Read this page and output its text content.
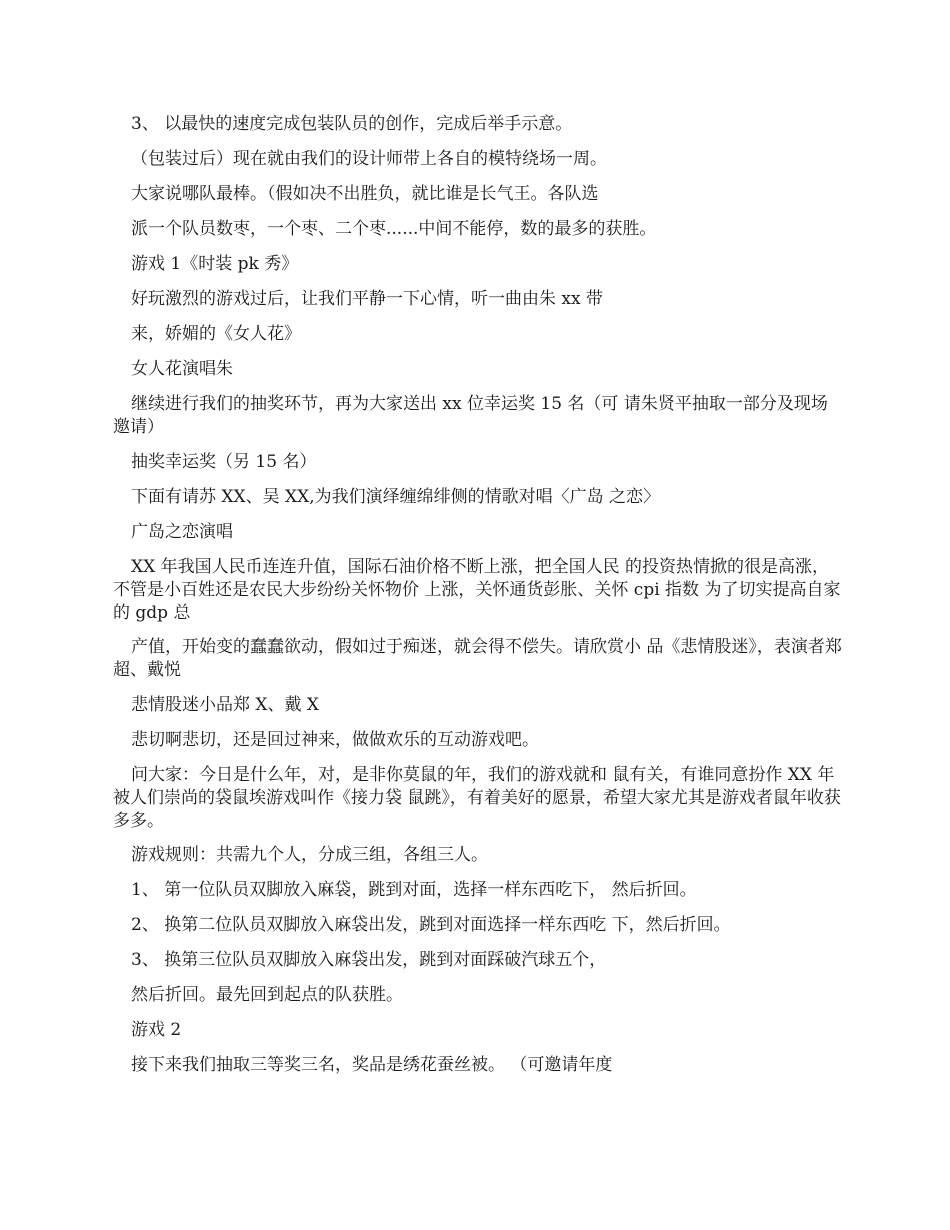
3、 以最快的速度完成包装队员的创作，完成后举手示意。

（包装过后）现在就由我们的设计师带上各自的模特绕场一周。

大家说哪队最棒。（假如决不出胜负，就比谁是长气王。各队选

派一个队员数枣，一个枣、二个枣......中间不能停，数的最多的获胜。

游戏 1《时装 pk 秀》

好玩激烈的游戏过后，让我们平静一下心情，听一曲由朱 xx 带

来，娇媚的《女人花》

女人花演唱朱

继续进行我们的抽奖环节，再为大家送出 xx 位幸运奖 15 名（可 请朱贤平抽取一部分及现场邀请）

抽奖幸运奖（另 15 名）

下面有请苏 XX、吴 XX,为我们演绎缠绵绯侧的情歌对唱〈广岛 之恋〉

广岛之恋演唱

XX 年我国人民币连连升值，国际石油价格不断上涨，把全国人民 的投资热情掀的很是高涨，不管是小百姓还是农民大步纷纷关怀物价 上涨，关怀通货彭胀、关怀 cpi 指数 为了切实提高自家的 gdp 总

产值，开始变的蠢蠢欲动，假如过于痴迷，就会得不偿失。请欣赏小 品《悲情股迷》，表演者郑超、戴悦

悲情股迷小品郑 X、戴 X

悲切啊悲切，还是回过神来，做做欢乐的互动游戏吧。

问大家：今日是什么年，对，是非你莫鼠的年，我们的游戏就和 鼠有关，有谁同意扮作 XX 年被人们崇尚的袋鼠埃游戏叫作《接力袋 鼠跳》，有着美好的愿景，希望大家尤其是游戏者鼠年收获多多。

游戏规则：共需九个人，分成三组，各组三人。

1、 第一位队员双脚放入麻袋，跳到对面，选择一样东西吃下， 然后折回。

2、 换第二位队员双脚放入麻袋出发，跳到对面选择一样东西吃 下，然后折回。

3、 换第三位队员双脚放入麻袋出发，跳到对面踩破汽球五个，

然后折回。最先回到起点的队获胜。

游戏 2

接下来我们抽取三等奖三名，奖品是绣花蚕丝被。 （可邀请年度
